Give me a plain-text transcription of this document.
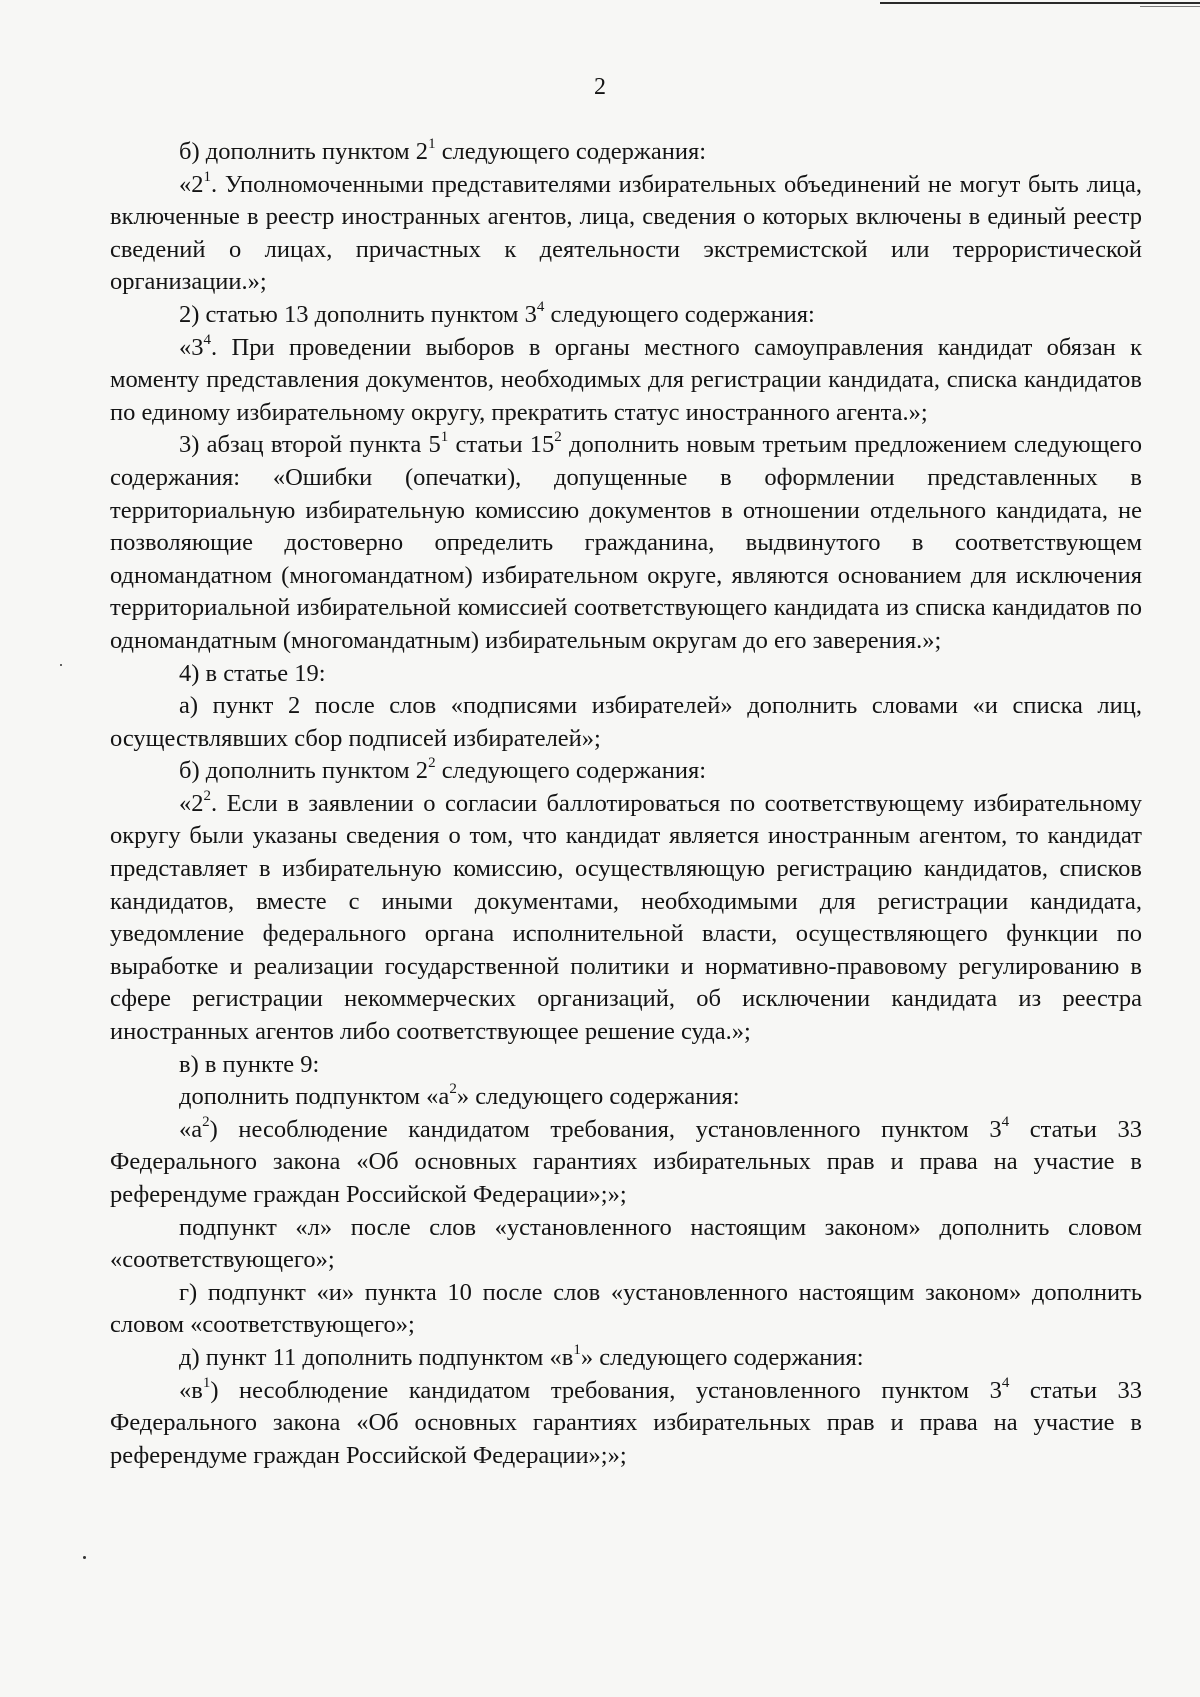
2

б) дополнить пунктом $2^1$ следующего содержания:

«$2^1$. Уполномоченными представителями избирательных объединений не могут быть лица, включенные в реестр иностранных агентов, лица, сведения о которых включены в единый реестр сведений о лицах, причастных к деятельности экстремистской или террористической организации.»;

2) статью 13 дополнить пунктом $3^4$ следующего содержания:

«$3^4$. При проведении выборов в органы местного самоуправления кандидат обязан к моменту представления документов, необходимых для регистрации кандидата, списка кандидатов по единому избирательному округу, прекратить статус иностранного агента.»;

3) абзац второй пункта $5^1$ статьи $15^2$ дополнить новым третьим предложением следующего содержания: «Ошибки (опечатки), допущенные в оформлении представленных в территориальную избирательную комиссию документов в отношении отдельного кандидата, не позволяющие достоверно определить гражданина, выдвинутого в соответствующем одномандатном (многомандатном) избирательном округе, являются основанием для исключения территориальной избирательной комиссией соответствующего кандидата из списка кандидатов по одномандатным (многомандатным) избирательным округам до его заверения.»;

4) в статье 19:

а) пункт 2 после слов «подписями избирателей» дополнить словами «и списка лиц, осуществлявших сбор подписей избирателей»;

б) дополнить пунктом $2^2$ следующего содержания:

«$2^2$. Если в заявлении о согласии баллотироваться по соответствующему избирательному округу были указаны сведения о том, что кандидат является иностранным агентом, то кандидат представляет в избирательную комиссию, осуществляющую регистрацию кандидатов, списков кандидатов, вместе с иными документами, необходимыми для регистрации кандидата, уведомление федерального органа исполнительной власти, осуществляющего функции по выработке и реализации государственной политики и нормативно-правовому регулированию в сфере регистрации некоммерческих организаций, об исключении кандидата из реестра иностранных агентов либо соответствующее решение суда.»;

в) в пункте 9:

дополнить подпунктом «$а^2$» следующего содержания:

«$а^2$) несоблюдение кандидатом требования, установленного пунктом $3^4$ статьи 33 Федерального закона «Об основных гарантиях избирательных прав и права на участие в референдуме граждан Российской Федерации»;»;

подпункт «л» после слов «установленного настоящим законом» дополнить словом «соответствующего»;

г) подпункт «и» пункта 10 после слов «установленного настоящим законом» дополнить словом «соответствующего»;

д) пункт 11 дополнить подпунктом «$в^1$» следующего содержания:

«$в^1$) несоблюдение кандидатом требования, установленного пунктом $3^4$ статьи 33 Федерального закона «Об основных гарантиях избирательных прав и права на участие в референдуме граждан Российской Федерации»;»;
